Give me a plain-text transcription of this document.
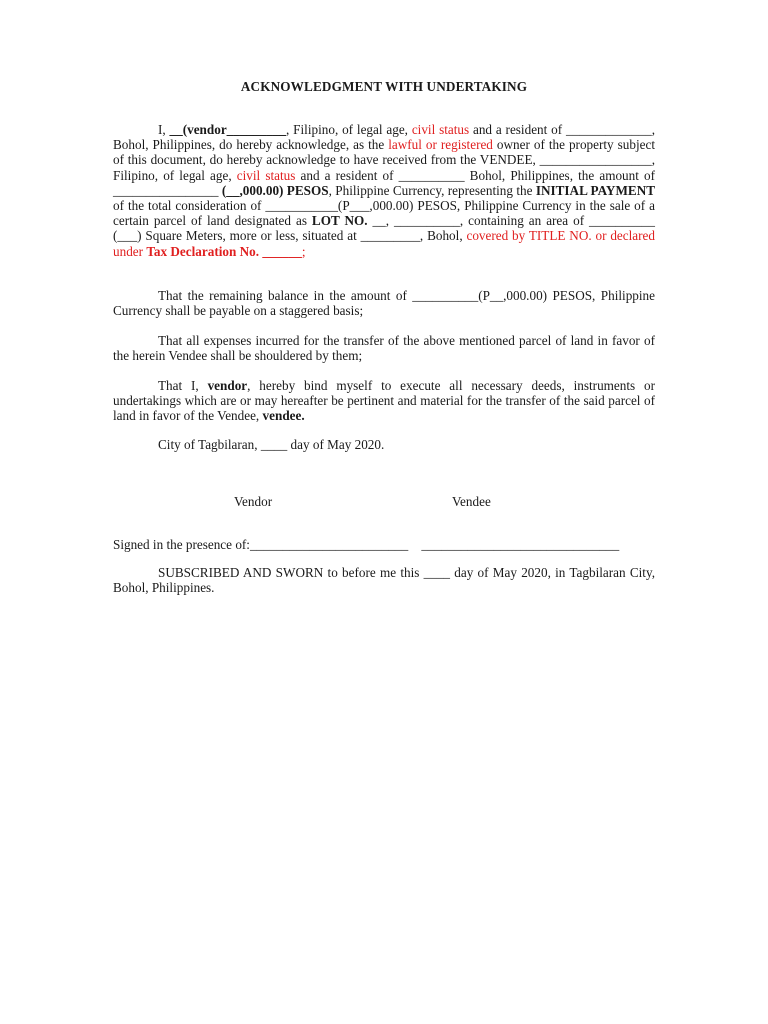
ACKNOWLEDGMENT WITH UNDERTAKING

I, __(vendor_________, Filipino, of legal age, civil status and a resident of _____________, Bohol, Philippines, do hereby acknowledge, as the lawful or registered owner of the property subject of this document, do hereby acknowledge to have received from the VENDEE, _________________, Filipino, of legal age, civil status and a resident of __________ Bohol, Philippines, the amount of ________________ (__,000.00) PESOS, Philippine Currency, representing the INITIAL PAYMENT of the total consideration of ___________(P___,000.00) PESOS, Philippine Currency in the sale of a certain parcel of land designated as LOT NO. __, __________, containing an area of __________ (___) Square Meters, more or less, situated at _________, Bohol, covered by TITLE NO. or declared under Tax Declaration No. ______;

That the remaining balance in the amount of __________(P__,000.00) PESOS, Philippine Currency shall be payable on a staggered basis;

That all expenses incurred for the transfer of the above mentioned parcel of land in favor of the herein Vendee shall be shouldered by them;

That I, vendor, hereby bind myself to execute all necessary deeds, instruments or undertakings which are or may hereafter be pertinent and material for the transfer of the said parcel of land in favor of the Vendee, vendee.

City of Tagbilaran, ____ day of May 2020.

Vendor	Vendee
Signed in the presence of:________________________    ______________________________

SUBSCRIBED AND SWORN to before me this ____ day of May 2020, in Tagbilaran City, Bohol, Philippines.
